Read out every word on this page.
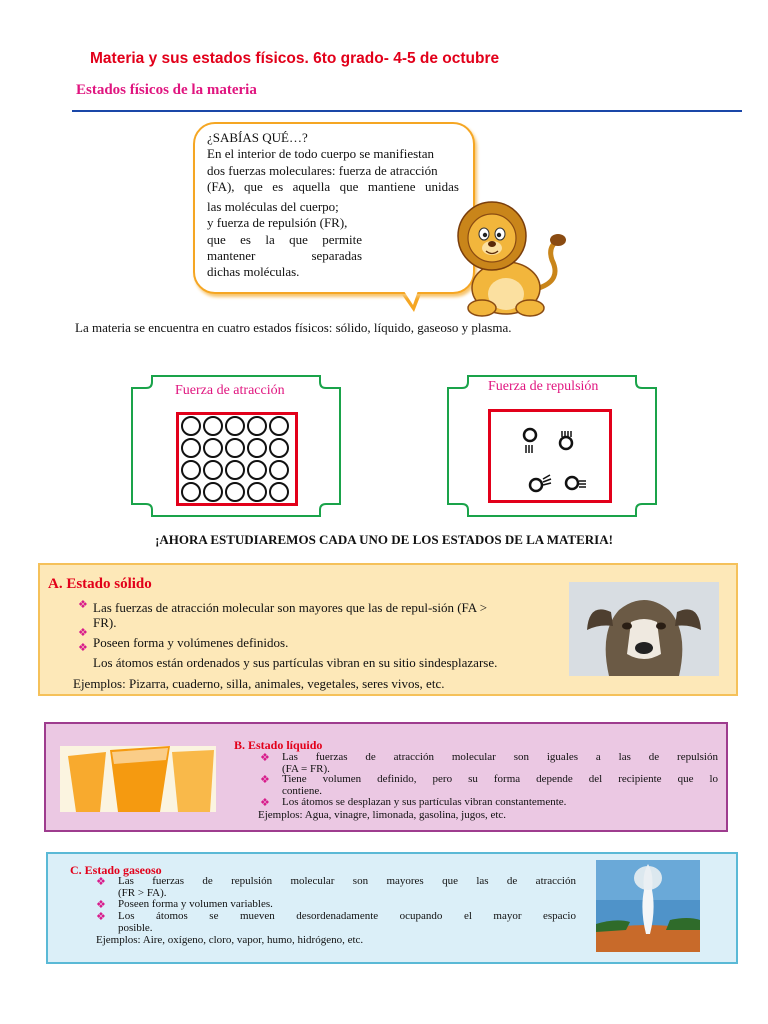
Materia y sus estados físicos. 6to grado- 4-5 de octubre
Estados físicos de la materia

¿SABÍAS QUÉ…?

En el interior de todo cuerpo se manifiestan

dos fuerzas moleculares: fuerza de atracción

(FA), que es aquella que mantiene unidas

las moléculas del cuerpo;

y fuerza de repulsión (FR),

que es la que permite

mantener separadas

dichas moléculas.

La materia se encuentra en cuatro estados físicos: sólido, líquido, gaseoso y plasma.
Fuerza de atracción	Fuerza de repulsión
¡AHORA ESTUDIAREMOS CADA UNO DE LOS ESTADOS DE LA MATERIA!
A. Estado sólido
❖ Las fuerzas de atracción molecular son mayores que las de repul-sión (FA >
FR).
❖
Poseen forma y volúmenes definidos.
❖
Los átomos están ordenados y sus partículas vibran en su sitio sindesplazarse.
Ejemplos: Pizarra, cuaderno, silla, animales, vegetales, seres vivos, etc.
B. Estado líquido
❖ Las fuerzas de atracción molecular son iguales a las de repulsión
(FA = FR).
❖ Tiene volumen definido, pero su forma depende del recipiente que lo
contiene.
❖ Los átomos se desplazan y sus partículas vibran constantemente.
Ejemplos: Agua, vinagre, limonada, gasolina, jugos, etc.
C. Estado gaseoso
❖ Las fuerzas de repulsión molecular son mayores que las de atracción
(FR > FA).
❖ Poseen forma y volumen variables.
❖ Los átomos se mueven desordenadamente ocupando el mayor espacio
posible.
Ejemplos: Aire, oxígeno, cloro, vapor, humo, hidrógeno, etc.
